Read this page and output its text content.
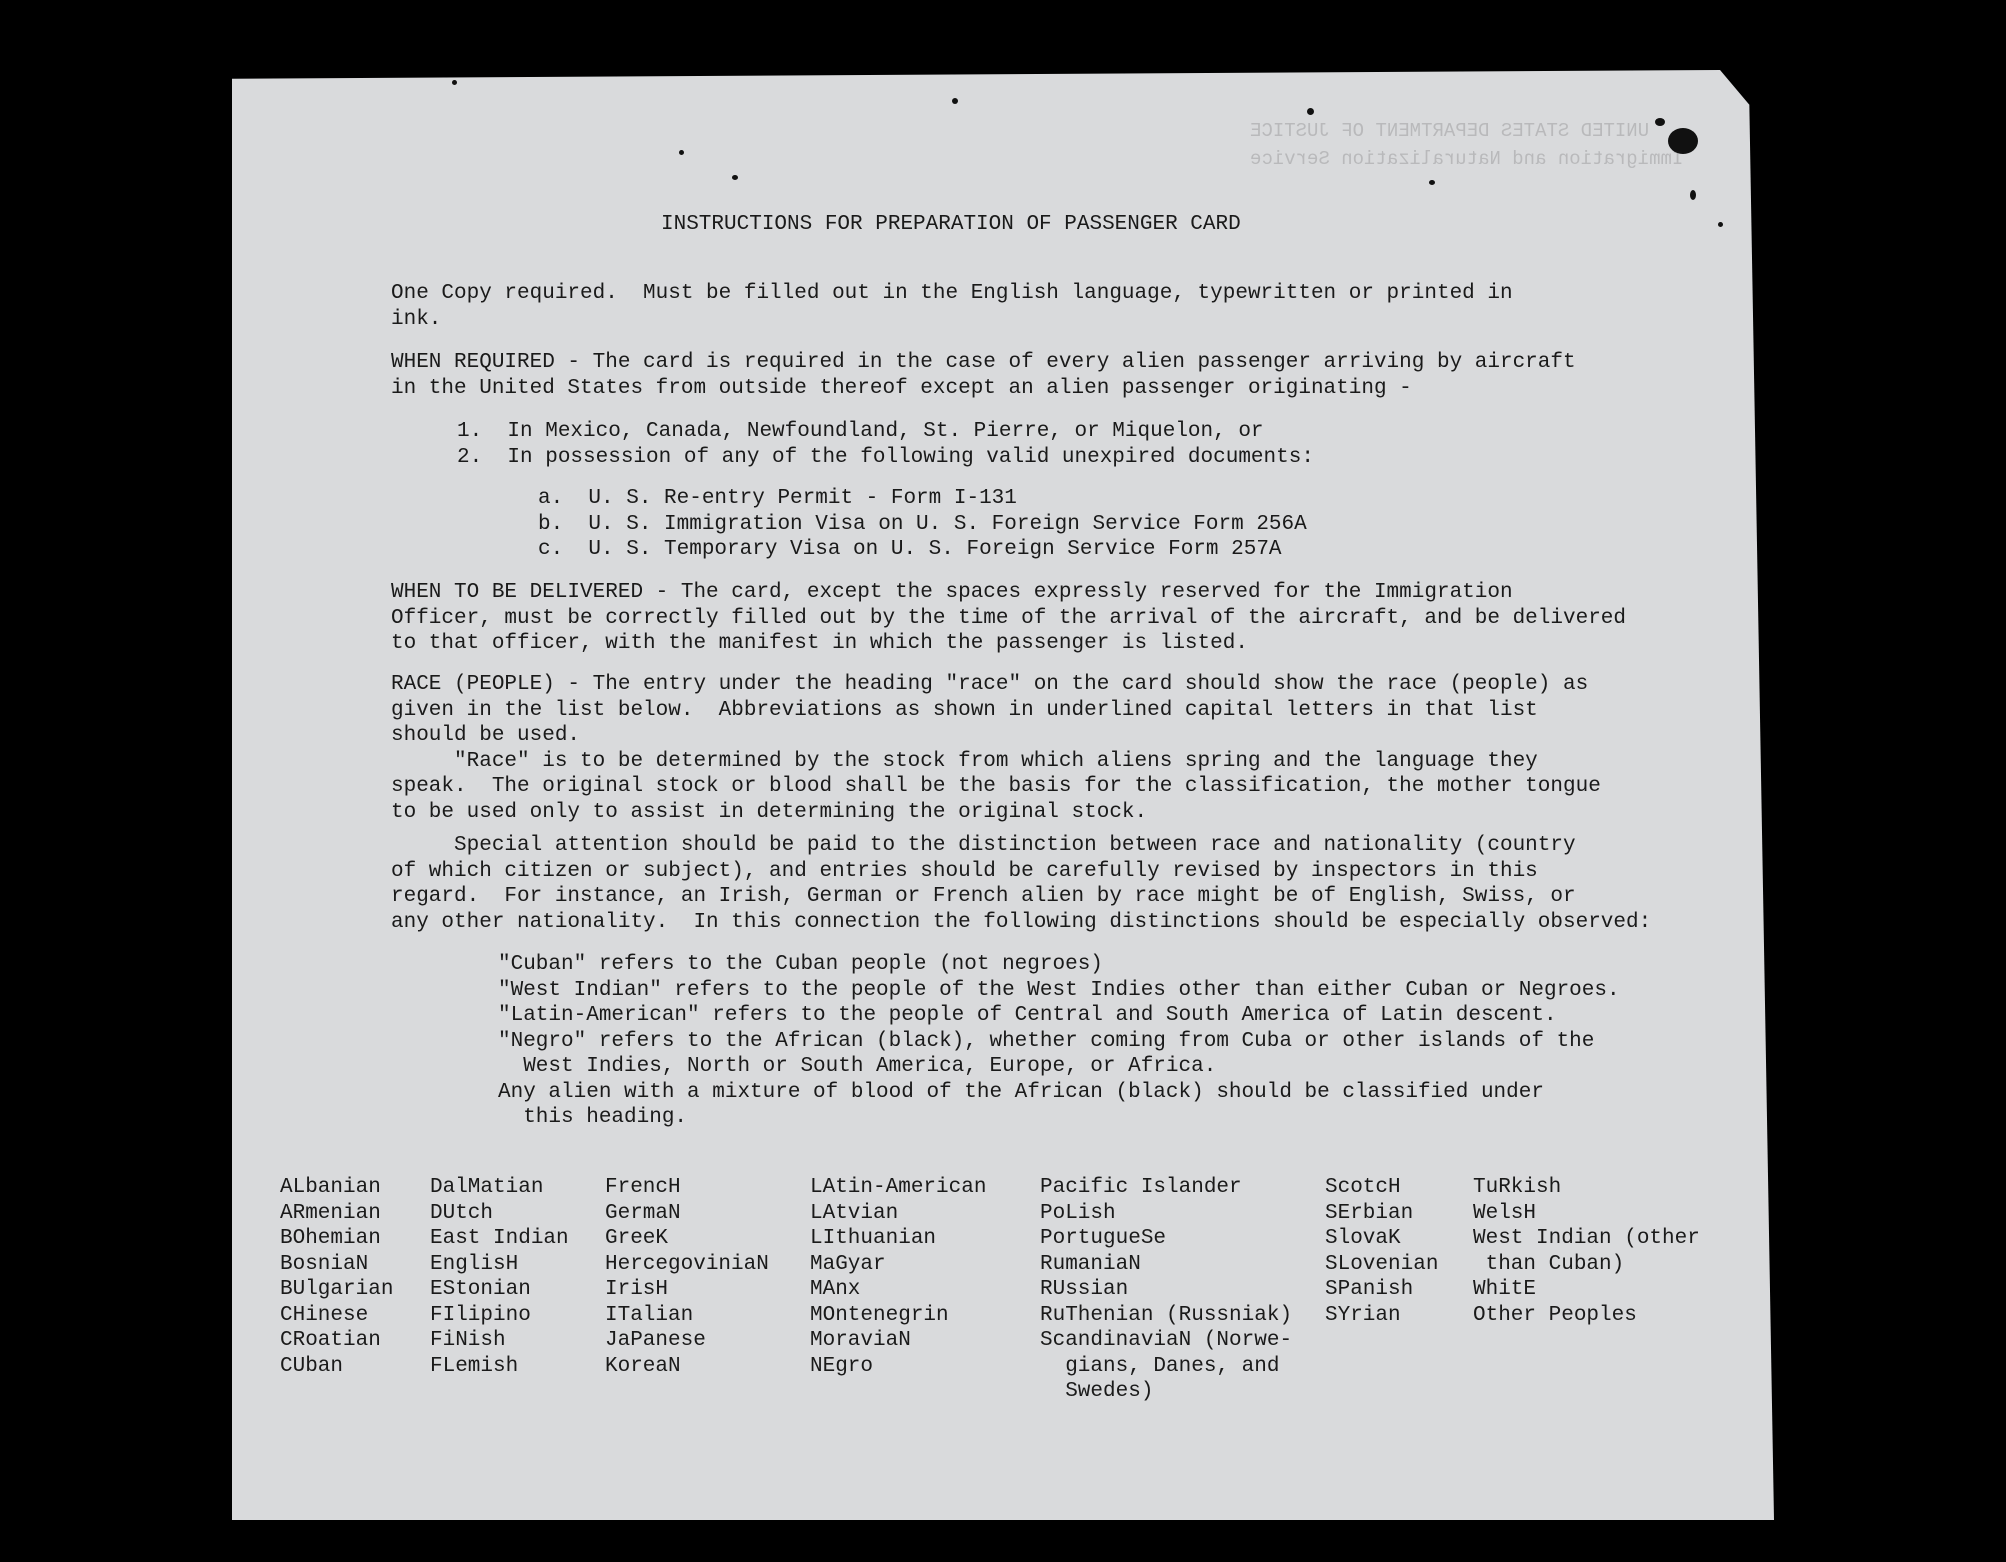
UNITED STATES DEPARTMENT OF JUSTICE
Immigration and Naturalization Service
INSTRUCTIONS FOR PREPARATION OF PASSENGER CARD
One Copy required.  Must be filled out in the English language, typewritten or printed in
ink.
WHEN REQUIRED - The card is required in the case of every alien passenger arriving by aircraft
in the United States from outside thereof except an alien passenger originating -
1.  In Mexico, Canada, Newfoundland, St. Pierre, or Miquelon, or
2.  In possession of any of the following valid unexpired documents:
a.  U. S. Re-entry Permit - Form I-131
b.  U. S. Immigration Visa on U. S. Foreign Service Form 256A
c.  U. S. Temporary Visa on U. S. Foreign Service Form 257A
WHEN TO BE DELIVERED - The card, except the spaces expressly reserved for the Immigration
Officer, must be correctly filled out by the time of the arrival of the aircraft, and be delivered
to that officer, with the manifest in which the passenger is listed.
RACE (PEOPLE) - The entry under the heading "race" on the card should show the race (people) as
given in the list below.  Abbreviations as shown in underlined capital letters in that list
should be used.
"Race" is to be determined by the stock from which aliens spring and the language they
speak.  The original stock or blood shall be the basis for the classification, the mother tongue
to be used only to assist in determining the original stock.
Special attention should be paid to the distinction between race and nationality (country
of which citizen or subject), and entries should be carefully revised by inspectors in this
regard.  For instance, an Irish, German or French alien by race might be of English, Swiss, or
any other nationality.  In this connection the following distinctions should be especially observed:
"Cuban" refers to the Cuban people (not negroes)
"West Indian" refers to the people of the West Indies other than either Cuban or Negroes.
"Latin-American" refers to the people of Central and South America of Latin descent.
"Negro" refers to the African (black), whether coming from Cuba or other islands of the
West Indies, North or South America, Europe, or Africa.
Any alien with a mixture of blood of the African (black) should be classified under
this heading.
ALbanian
ARmenian
BOhemian
BosniaN
BUlgarian
CHinese
CRoatian
CUban
DalMatian
DUtch
East Indian
EnglisH
EStonian
FIlipino
FiNish
FLemish
FrencH
GermaN
GreeK
HercegoviniaN
IrisH
ITalian
JaPanese
KoreaN
LAtin-American
LAtvian
LIthuanian
MaGyar
MAnx
MOntenegrin
MoraviaN
NEgro
Pacific Islander
PoLish
PortugueSe
RumaniaN
RUssian
RuThenian (Russniak)
ScandinaviaN (Norwe-
gians, Danes, and
Swedes)
ScotcH
SErbian
SlovaK
SLovenian
SPanish
SYrian
TuRkish
WelsH
West Indian (other
than Cuban)
WhitE
Other Peoples
